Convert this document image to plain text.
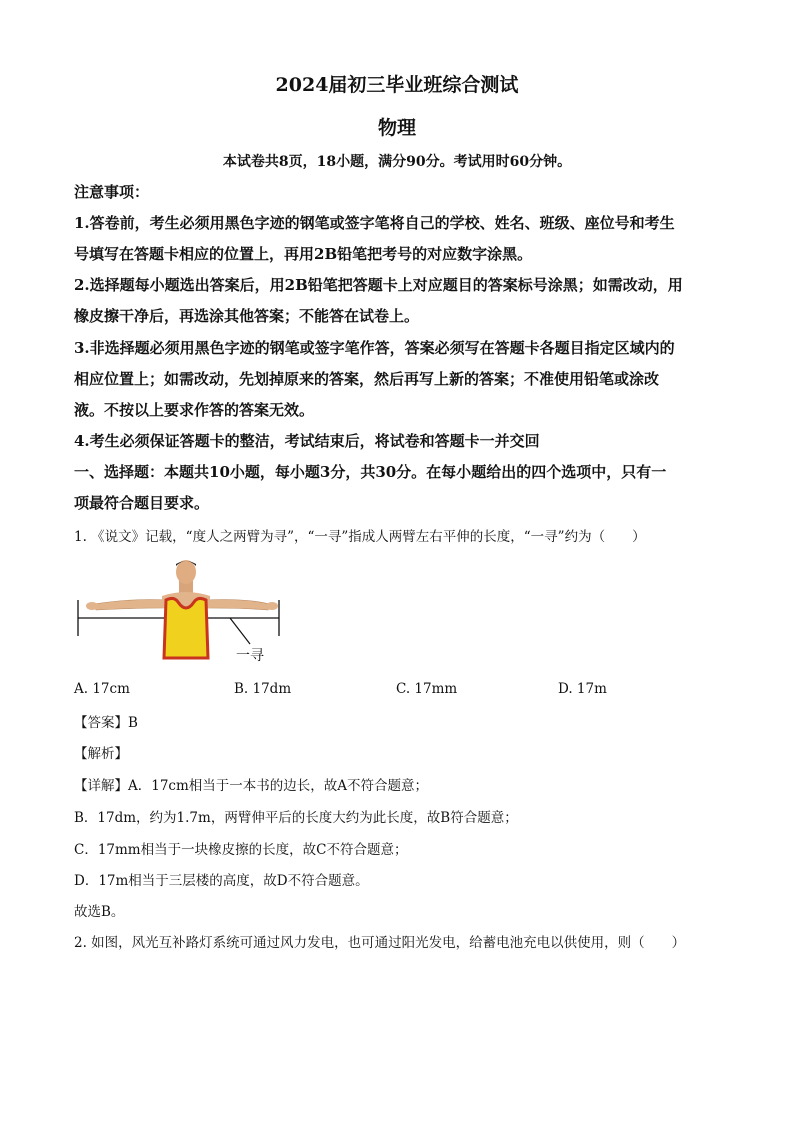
2024届初三毕业班综合测试
物理
本试卷共8页，18小题，满分90分。考试用时60分钟。
注意事项：
1.答卷前，考生必须用黑色字迹的钢笔或签字笔将自己的学校、姓名、班级、座位号和考生
号填写在答题卡相应的位置上，再用2B铅笔把考号的对应数字涂黑。
2.选择题每小题选出答案后，用2B铅笔把答题卡上对应题目的答案标号涂黑；如需改动，用
橡皮擦干净后，再选涂其他答案；不能答在试卷上。
3.非选择题必须用黑色字迹的钢笔或签字笔作答，答案必须写在答题卡各题目指定区域内的
相应位置上；如需改动，先划掉原来的答案，然后再写上新的答案；不准使用铅笔或涂改
液。不按以上要求作答的答案无效。
4.考生必须保证答题卡的整洁，考试结束后，将试卷和答题卡一并交回
一、选择题：本题共10小题，每小题3分，共30分。在每小题给出的四个选项中，只有一
项最符合题目要求。
1. 《说文》记载，“度人之两臂为寻”，“一寻”指成人两臂左右平伸的长度，“一寻”约为（　　）
一寻
A. 17cm	B. 17dm	C. 17mm	D. 17m
【答案】B
【解析】
【详解】A．17cm相当于一本书的边长，故A不符合题意；
B．17dm，约为1.7m，两臂伸平后的长度大约为此长度，故B符合题意；
C．17mm相当于一块橡皮擦的长度，故C不符合题意；
D．17m相当于三层楼的高度，故D不符合题意。
故选B。
2. 如图，风光互补路灯系统可通过风力发电，也可通过阳光发电，给蓄电池充电以供使用，则（　　）
